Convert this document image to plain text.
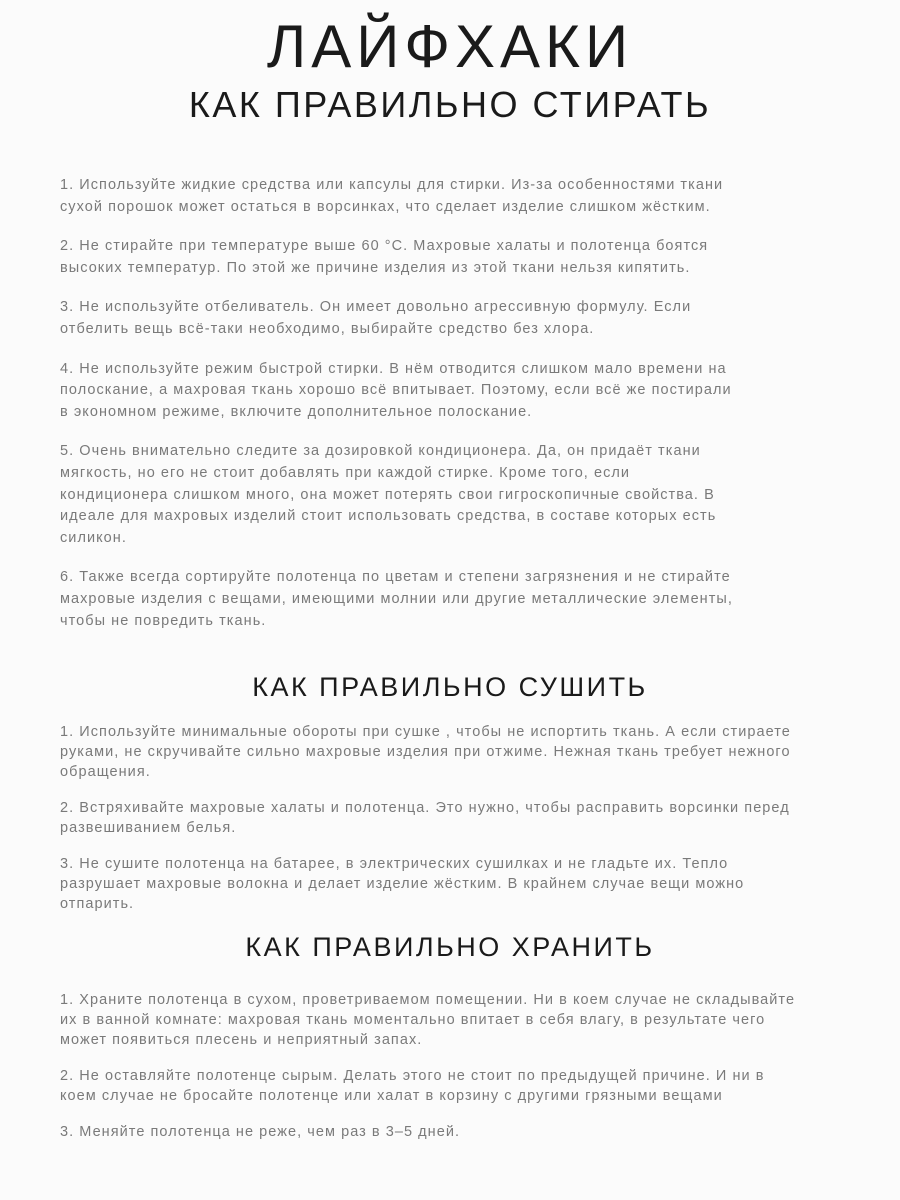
ЛАЙФХАКИ
КАК ПРАВИЛЬНО СТИРАТЬ

1. Используйте жидкие средства или капсулы для стирки. Из-за особенностями ткани
сухой порошок может остаться в ворсинках, что сделает изделие слишком жёстким.

2. Не стирайте при температуре выше 60 °С. Махровые халаты и полотенца боятся
высоких температур. По этой же причине изделия из этой ткани нельзя кипятить.

3. Не используйте отбеливатель. Он имеет довольно агрессивную формулу. Если
отбелить вещь всё-таки необходимо, выбирайте средство без хлора.

4. Не используйте режим быстрой стирки. В нём отводится слишком мало времени на
полоскание, а махровая ткань хорошо всё впитывает. Поэтому, если всё же постирали
в экономном режиме, включите дополнительное полоскание.

5. Очень внимательно следите за дозировкой кондиционера. Да, он придаёт ткани
мягкость, но его не стоит добавлять при каждой стирке. Кроме того, если
кондиционера слишком много, она может потерять свои гигроскопичные свойства. В
идеале для махровых изделий стоит использовать средства, в составе которых есть
силикон.

6. Также всегда сортируйте полотенца по цветам и степени загрязнения и не стирайте
махровые изделия с вещами, имеющими молнии или другие металлические элементы,
чтобы не повредить ткань.

КАК ПРАВИЛЬНО СУШИТЬ

1. Используйте минимальные обороты при сушке , чтобы не испортить ткань. А если стираете
руками, не скручивайте сильно махровые изделия при отжиме. Нежная ткань требует нежного
обращения.

2. Встряхивайте махровые халаты и полотенца. Это нужно, чтобы расправить ворсинки перед
развешиванием белья.

3. Не сушите полотенца на батарее, в электрических сушилках и не гладьте их. Тепло
разрушает махровые волокна и делает изделие жёстким. В крайнем случае вещи можно
отпарить.

КАК ПРАВИЛЬНО ХРАНИТЬ

1. Храните полотенца в сухом, проветриваемом помещении. Ни в коем случае не складывайте
их в ванной комнате: махровая ткань моментально впитает в себя влагу, в результате чего
может появиться плесень и неприятный запах.

2. Не оставляйте полотенце сырым. Делать этого не стоит по предыдущей причине. И ни в
коем случае не бросайте полотенце или халат в корзину с другими грязными вещами

3. Меняйте полотенца не реже, чем раз в 3–5 дней.
